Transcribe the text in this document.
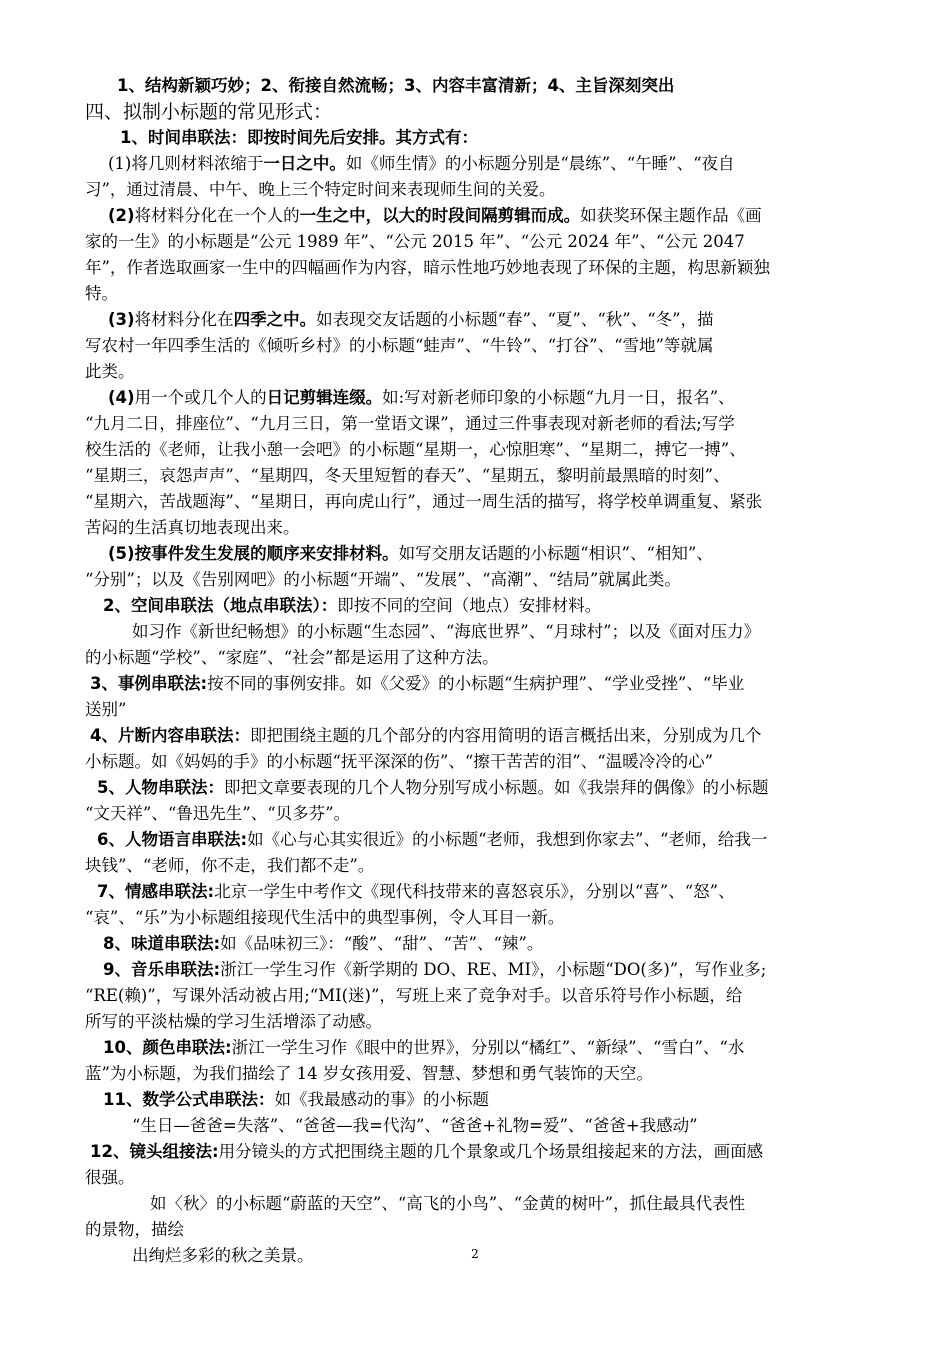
1、结构新颖巧妙；2、衔接自然流畅；3、内容丰富清新；4、主旨深刻突出
四、拟制小标题的常见形式：
1、时间串联法：即按时间先后安排。其方式有：
(1)将几则材料浓缩于一日之中。如《师生情》的小标题分别是“晨练”、“午睡”、“夜自
习”，通过清晨、中午、晚上三个特定时间来表现师生间的关爱。
(2)将材料分化在一个人的一生之中，以大的时段间隔剪辑而成。如获奖环保主题作品《画
家的一生》的小标题是“公元 1989 年”、“公元 2015 年”、“公元 2024 年”、“公元 2047
年”，作者选取画家一生中的四幅画作为内容，暗示性地巧妙地表现了环保的主题，构思新颖独
特。
(3)将材料分化在四季之中。如表现交友话题的小标题“春”、“夏”、“秋”、“冬”，描
写农村一年四季生活的《倾听乡村》的小标题“蛙声”、“牛铃”、“打谷”、“雪地”等就属
此类。
(4)用一个或几个人的日记剪辑连缀。如:写对新老师印象的小标题“九月一日，报名”、
“九月二日，排座位”、“九月三日，第一堂语文课”，通过三件事表现对新老师的看法;写学
校生活的《老师，让我小憩一会吧》的小标题“星期一，心惊胆寒”、“星期二，搏它一搏”、
“星期三，哀怨声声”、“星期四，冬天里短暂的春天”、“星期五，黎明前最黑暗的时刻”、
“星期六，苦战题海”、“星期日，再向虎山行”，通过一周生活的描写，将学校单调重复、紧张
苦闷的生活真切地表现出来。
(5)按事件发生发展的顺序来安排材料。如写交朋友话题的小标题“相识”、“相知”、
“分别”；以及《告别网吧》的小标题“开端”、“发展”、“高潮”、“结局”就属此类。
2、空间串联法（地点串联法）：即按不同的空间（地点）安排材料。
如习作《新世纪畅想》的小标题“生态园”、“海底世界”、“月球村”；以及《面对压力》
的小标题“学校”、“家庭”、“社会”都是运用了这种方法。
3、事例串联法:按不同的事例安排。如《父爱》的小标题“生病护理”、“学业受挫”、“毕业
送别”
4、片断内容串联法：即把围绕主题的几个部分的内容用简明的语言概括出来，分别成为几个
小标题。如《妈妈的手》的小标题“抚平深深的伤”、“擦干苦苦的泪”、“温暖冷冷的心”
5、人物串联法：即把文章要表现的几个人物分别写成小标题。如《我崇拜的偶像》的小标题
“文天祥”、“鲁迅先生”、“贝多芬”。
6、人物语言串联法:如《心与心其实很近》的小标题“老师，我想到你家去”、“老师，给我一
块钱”、“老师，你不走，我们都不走”。
7、情感串联法:北京一学生中考作文《现代科技带来的喜怒哀乐》，分别以“喜”、“怒”、
“哀”、“乐”为小标题组接现代生活中的典型事例，令人耳目一新。
8、味道串联法:如《品味初三》：“酸”、“甜”、“苦”、“辣”。
9、音乐串联法:浙江一学生习作《新学期的 DO、RE、MI》，小标题“DO(多)”，写作业多;
“RE(赖)”，写课外活动被占用;“MI(迷)”，写班上来了竞争对手。以音乐符号作小标题，给
所写的平淡枯燥的学习生活增添了动感。
10、颜色串联法:浙江一学生习作《眼中的世界》，分别以“橘红”、“新绿”、“雪白”、“水
蓝”为小标题，为我们描绘了 14 岁女孩用爱、智慧、梦想和勇气装饰的天空。
11、数学公式串联法：如《我最感动的事》的小标题
“生日—爸爸=失落”、“爸爸—我=代沟”、“爸爸+礼物=爱”、“爸爸+我感动”
12、镜头组接法:用分镜头的方式把围绕主题的几个景象或几个场景组接起来的方法，画面感
很强。
如〈秋〉的小标题“蔚蓝的天空”、“高飞的小鸟”、“金黄的树叶”，抓住最具代表性
的景物，描绘
出绚烂多彩的秋之美景。	2
